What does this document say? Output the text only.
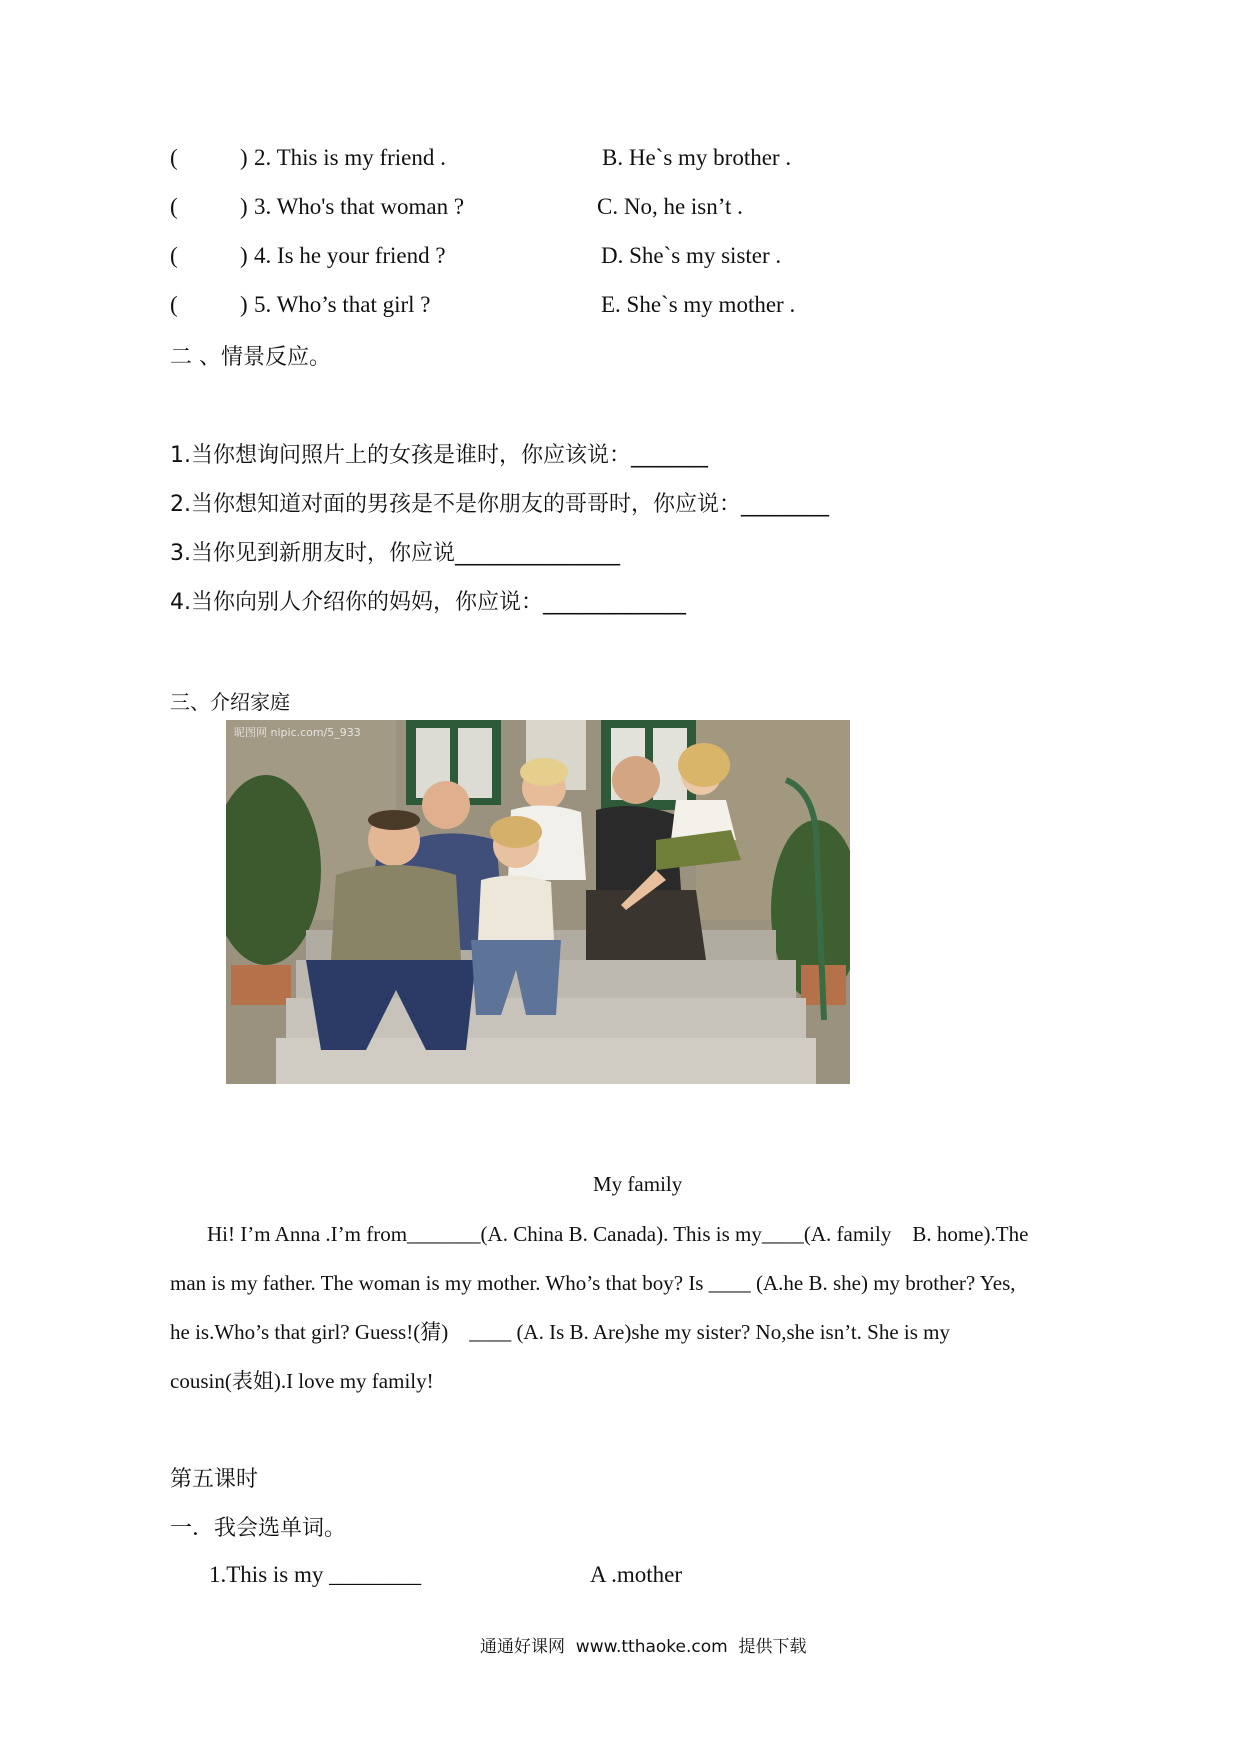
(	) 2. This is my friend .	B. He`s my brother .
(	) 3. Who's that woman ?	C. No, he isn’t .
(	) 4. Is he your friend ?	D. She`s my sister .
(	) 5. Who’s that girl ?	E. She`s my mother .
二 、情景反应。
1.当你想询问照片上的女孩是谁时，你应该说：_______
2.当你想知道对面的男孩是不是你朋友的哥哥时，你应说：________
3.当你见到新朋友时，你应说_______________
4.当你向别人介绍你的妈妈，你应说：_____________
三、介绍家庭
昵图网 nipic.com/5_933
My family
Hi! I’m Anna .I’m from_______(A. China B. Canada). This is my____(A. family    B. home).The
man is my father. The woman is my mother. Who’s that boy? Is ____ (A.he B. she) my brother? Yes,
he is.Who’s that girl? Guess!(猜)    ____ (A. Is B. Are)she my sister? No,she isn’t. She is my
cousin(表姐).I love my family!
第五课时
一．我会选单词。
1.This is my ________	A .mother
通通好课网  www.tthaoke.com  提供下载
